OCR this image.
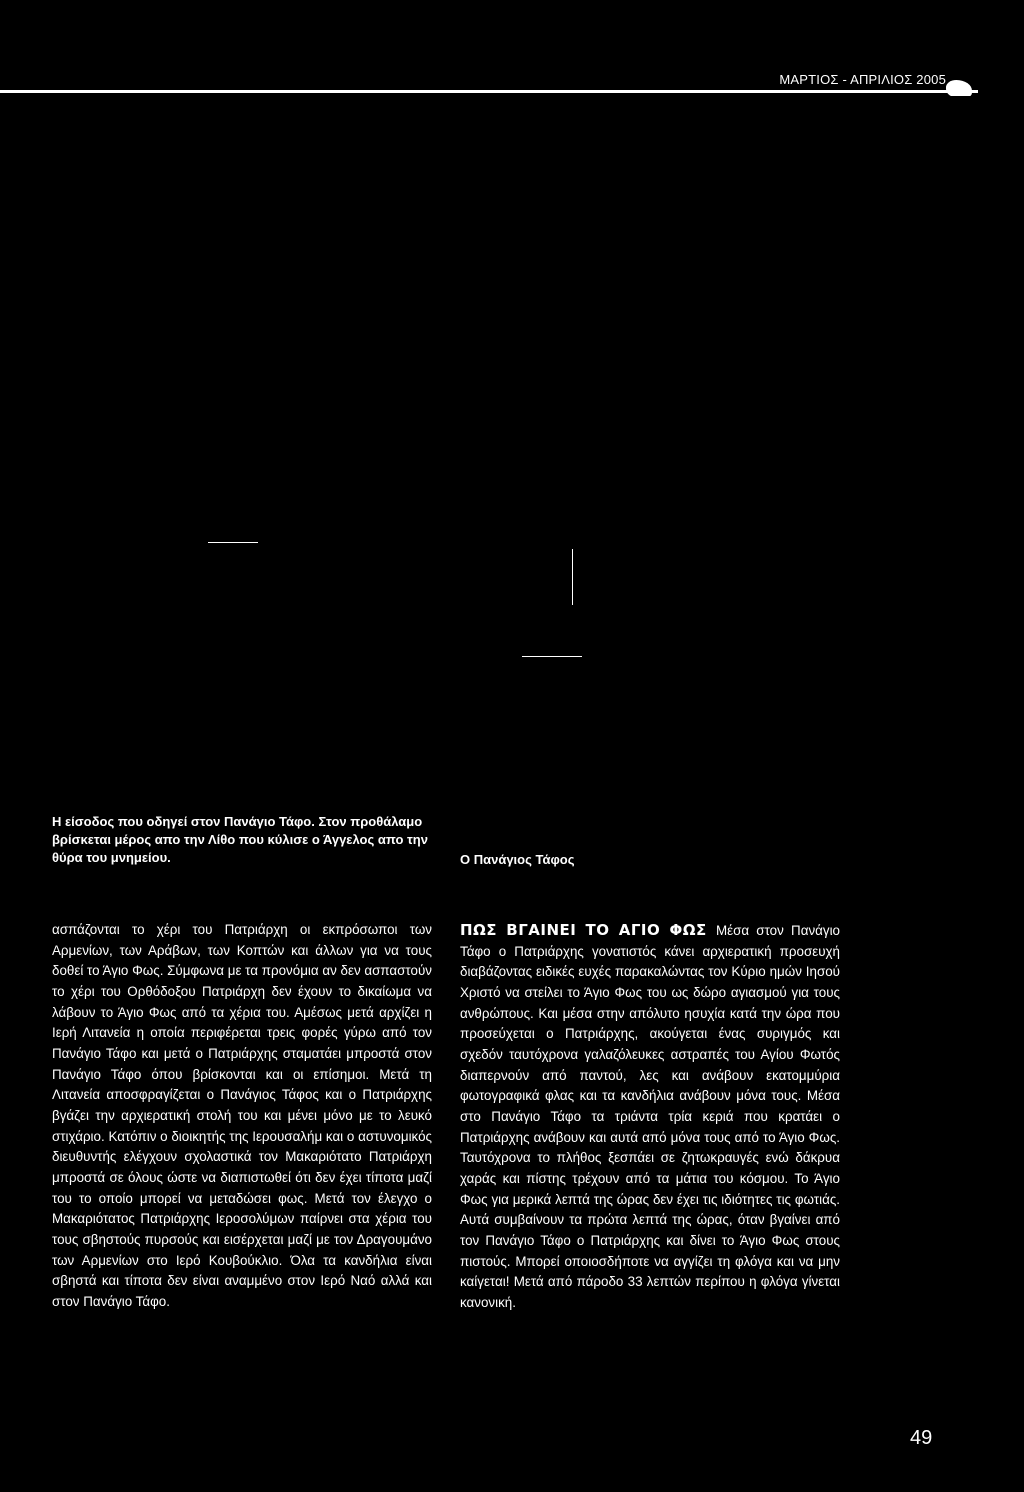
ΜΑΡΤΙΟΣ - ΑΠΡΙΛΙΟΣ 2005
Η είσοδος που οδηγεί στον Πανάγιο Τάφο. Στον προθάλαμο βρίσκεται μέρος απο την Λίθο που κύλισε ο Άγγελος απο την θύρα του μνημείου.	Ο Πανάγιος Τάφος
ασπάζονται το χέρι του Πατριάρχη οι εκπρόσωποι των Αρμενίων, των Αράβων, των Κοπτών και άλλων για να τους δοθεί το Άγιο Φως. Σύμφωνα με τα προνόμια αν δεν ασπαστούν το χέρι του Ορθόδοξου Πατριάρχη δεν έχουν το δικαίωμα να λάβουν το Άγιο Φως από τα χέρια του. Αμέσως μετά αρχίζει η Ιερή Λιτανεία η οποία περιφέρεται τρεις φορές γύρω από τον Πανάγιο Τάφο και μετά ο Πατριάρχης σταματάει μπροστά στον Πανάγιο Τάφο όπου βρίσκονται και οι επίσημοι. Μετά τη Λιτανεία αποσφραγίζεται ο Πανάγιος Τάφος και ο Πατριάρχης βγάζει την αρχιερατική στολή του και μένει μόνο με το λευκό στιχάριο. Κατόπιν ο διοικητής της Ιερουσαλήμ και ο αστυνομικός διευθυντής ελέγχουν σχολαστικά τον Μακαριότατο Πατριάρχη μπροστά σε όλους ώστε να διαπιστωθεί ότι δεν έχει τίποτα μαζί του το οποίο μπορεί να μεταδώσει φως. Μετά τον έλεγχο ο Μακαριότατος Πατριάρχης Ιεροσολύμων παίρνει στα χέρια του τους σβηστούς πυρσούς και εισέρχεται μαζί με τον Δραγουμάνο των Αρμενίων στο Ιερό Κουβούκλιο. Όλα τα κανδήλια είναι σβηστά και τίποτα δεν είναι αναμμένο στον Ιερό Ναό αλλά και στον Πανάγιο Τάφο.
ΠΩΣ ΒΓΑΙΝΕΙ ΤΟ ΑΓΙΟ ΦΩΣ Μέσα στον Πανάγιο Τάφο ο Πατριάρχης γονατιστός κάνει αρχιερατική προσευχή διαβάζοντας ειδικές ευχές παρακαλώντας τον Κύριο ημών Ιησού Χριστό να στείλει το Άγιο Φως του ως δώρο αγιασμού για τους ανθρώπους. Και μέσα στην απόλυτο ησυχία κατά την ώρα που προσεύχεται ο Πατριάρχης, ακούγεται ένας συριγμός και σχεδόν ταυτόχρονα γαλαζόλευκες αστραπές του Αγίου Φωτός διαπερνούν από παντού, λες και ανάβουν εκατομμύρια φωτογραφικά φλας και τα κανδήλια ανάβουν μόνα τους. Μέσα στο Πανάγιο Τάφο τα τριάντα τρία κεριά που κρατάει ο Πατριάρχης ανάβουν και αυτά από μόνα τους από το Άγιο Φως. Ταυτόχρονα το πλήθος ξεσπάει σε ζητωκραυγές ενώ δάκρυα χαράς και πίστης τρέχουν από τα μάτια του κόσμου. Το Άγιο Φως για μερικά λεπτά της ώρας δεν έχει τις ιδιότητες τις φωτιάς. Αυτά συμβαίνουν τα πρώτα λεπτά της ώρας, όταν βγαίνει από τον Πανάγιο Τάφο ο Πατριάρχης και δίνει το Άγιο Φως στους πιστούς. Μπορεί οποιοσδήποτε να αγγίζει τη φλόγα και να μην καίγεται! Μετά από πάροδο 33 λεπτών περίπου η φλόγα γίνεται κανονική.
49
